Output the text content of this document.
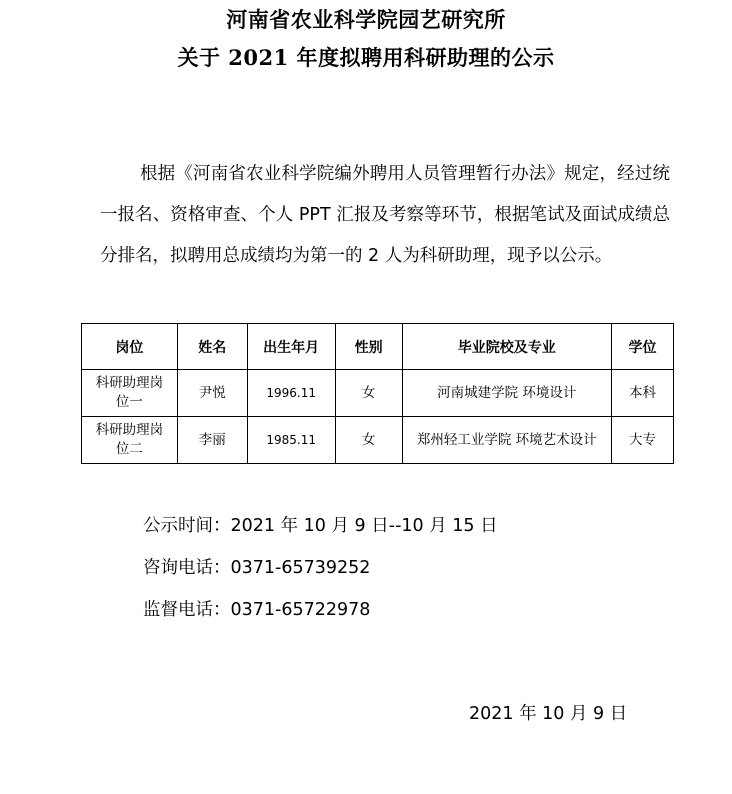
河南省农业科学院园艺研究所
关于 2021 年度拟聘用科研助理的公示

根据《河南省农业科学院编外聘用人员管理暂行办法》规定，经过统一报名、资格审查、个人 PPT 汇报及考察等环节，根据笔试及面试成绩总分排名，拟聘用总成绩均为第一的 2 人为科研助理，现予以公示。

岗位	姓名	出生年月	性别	毕业院校及专业	学位
科研助理岗位一	尹悦	1996.11	女	河南城建学院 环境设计	本科
科研助理岗位二	李丽	1985.11	女	郑州轻工业学院 环境艺术设计	大专
公示时间：2021 年 10 月 9 日--10 月 15 日
咨询电话：0371-65739252
监督电话：0371-65722978
2021 年 10 月 9 日
